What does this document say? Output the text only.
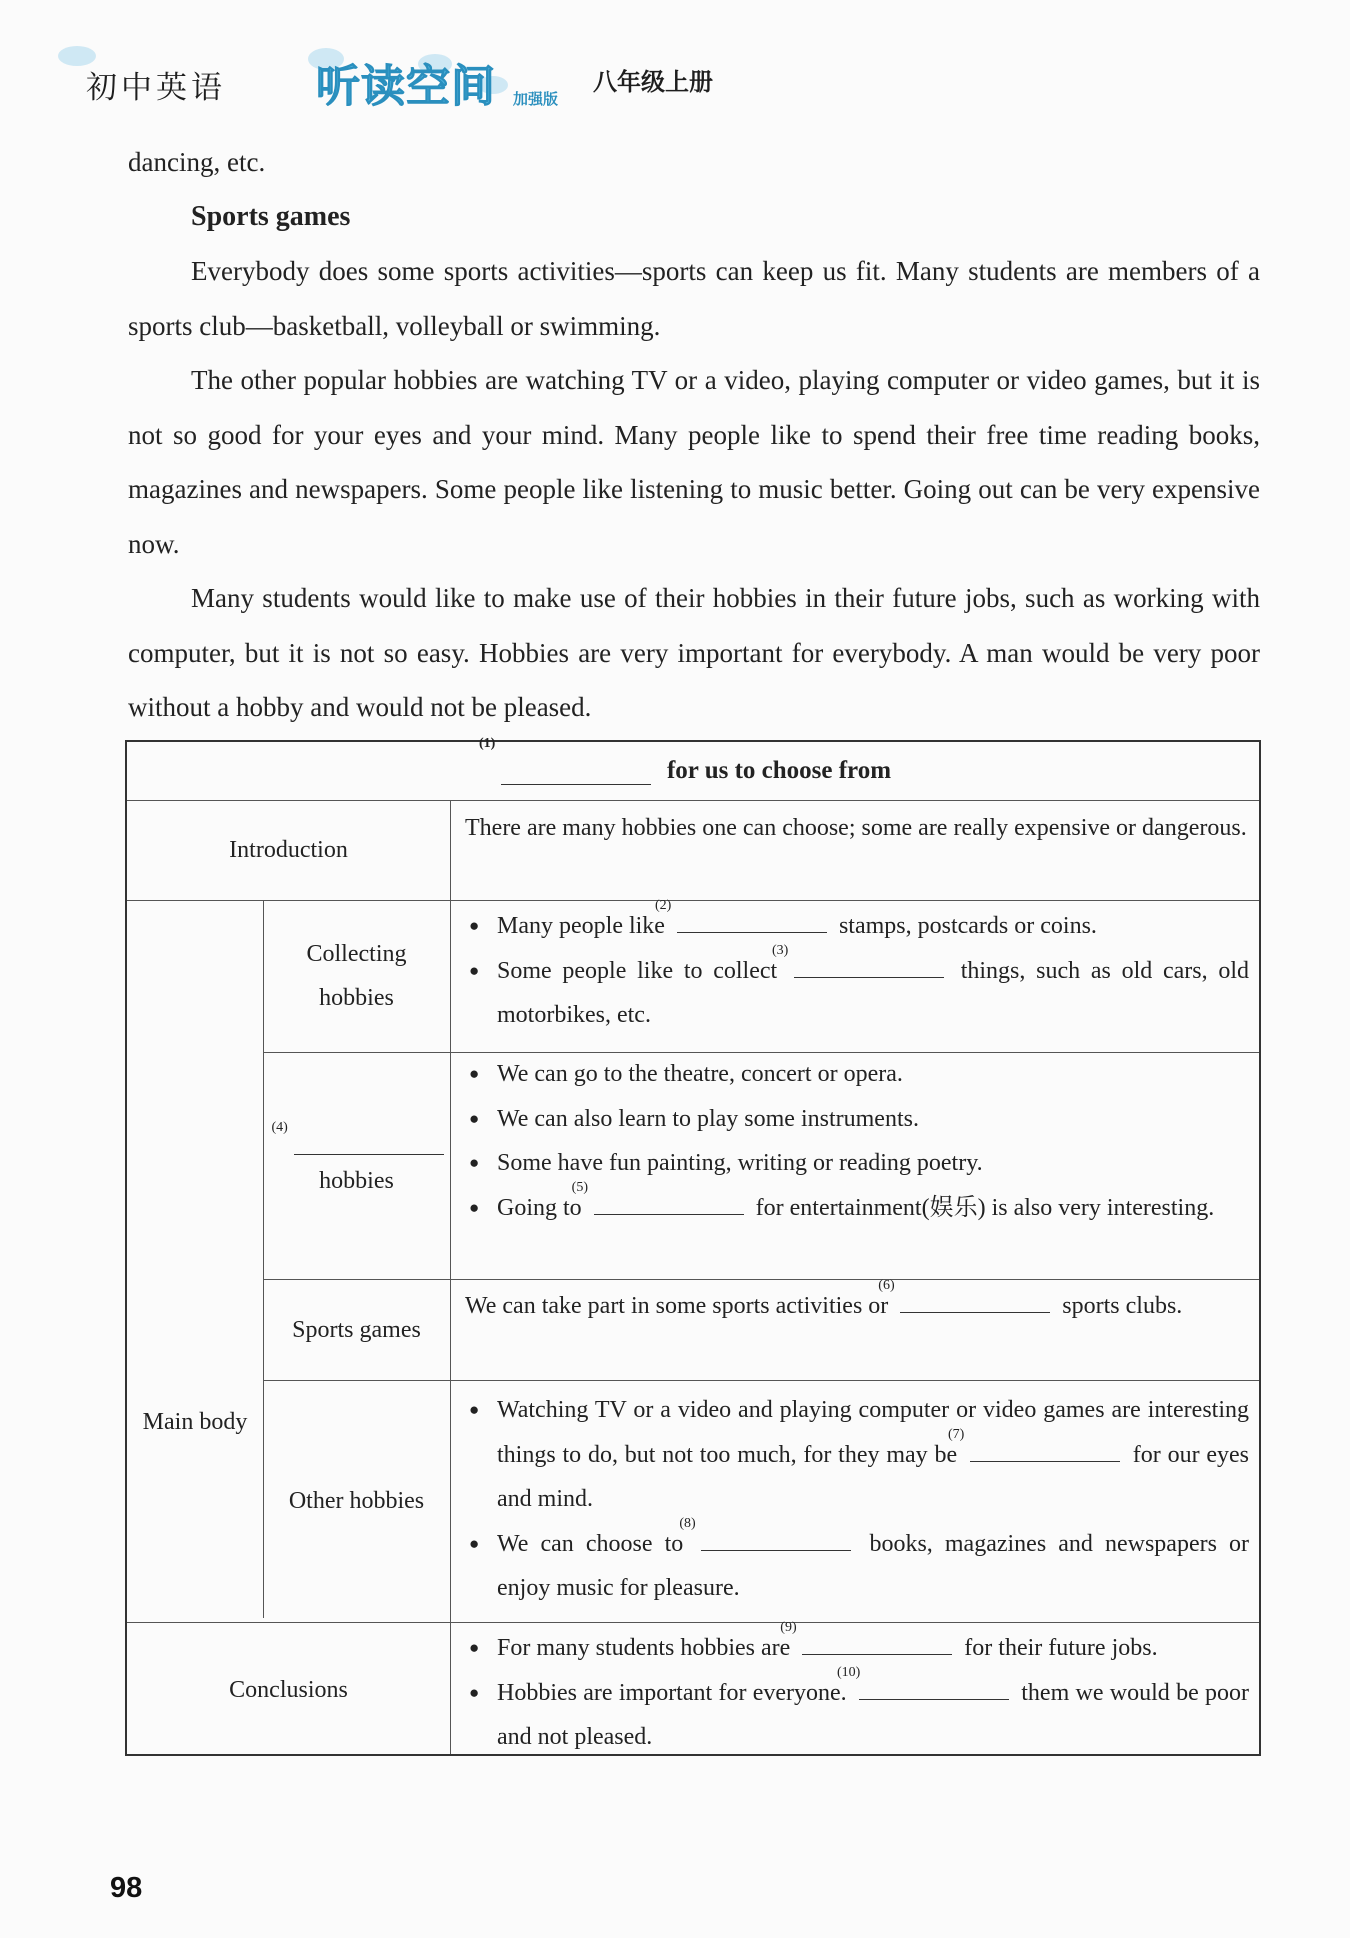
初中英语 听读空间 加强版
八年级上册

dancing, etc.

Sports games

Everybody does some sports activities—sports can keep us fit. Many students are members of a sports club—basketball, volleyball or swimming.

The other popular hobbies are watching TV or a video, playing computer or video games, but it is not so good for your eyes and your mind. Many people like to spend their free time reading books, magazines and newspapers. Some people like listening to music better. Going out can be very expensive now.

Many students would like to make use of their hobbies in their future jobs, such as working with computer, but it is not so easy. Hobbies are very important for everybody. A man would be very poor without a hobby and would not be pleased.

(1)
for us to choose from
Introduction
There are many hobbies one can choose; some are really expensive or dangerous.
Main body
Collecting hobbies
● Many people like
(2)
stamps, postcards or coins.
● Some people like to collect
(3)
things, such as old cars, old motorbikes, etc.
(4)
hobbies
● We can go to the theatre, concert or opera.
● We can also learn to play some instruments.
● Some have fun painting, writing or reading poetry.
● Going to
(5)
for entertainment(娱乐) is also very interesting.
Sports games
We can take part in some sports activities or
(6)
sports clubs.
Other hobbies
● Watching TV or a video and playing computer or video games are interesting things to do, but not too much, for they may be
(7)
for our eyes and mind.
● We can choose to
(8)
books, magazines and newspapers or enjoy music for pleasure.
Conclusions
● For many students hobbies are
(9)
for their future jobs.
● Hobbies are important for everyone.
(10)
them we would be poor and not pleased.
98
